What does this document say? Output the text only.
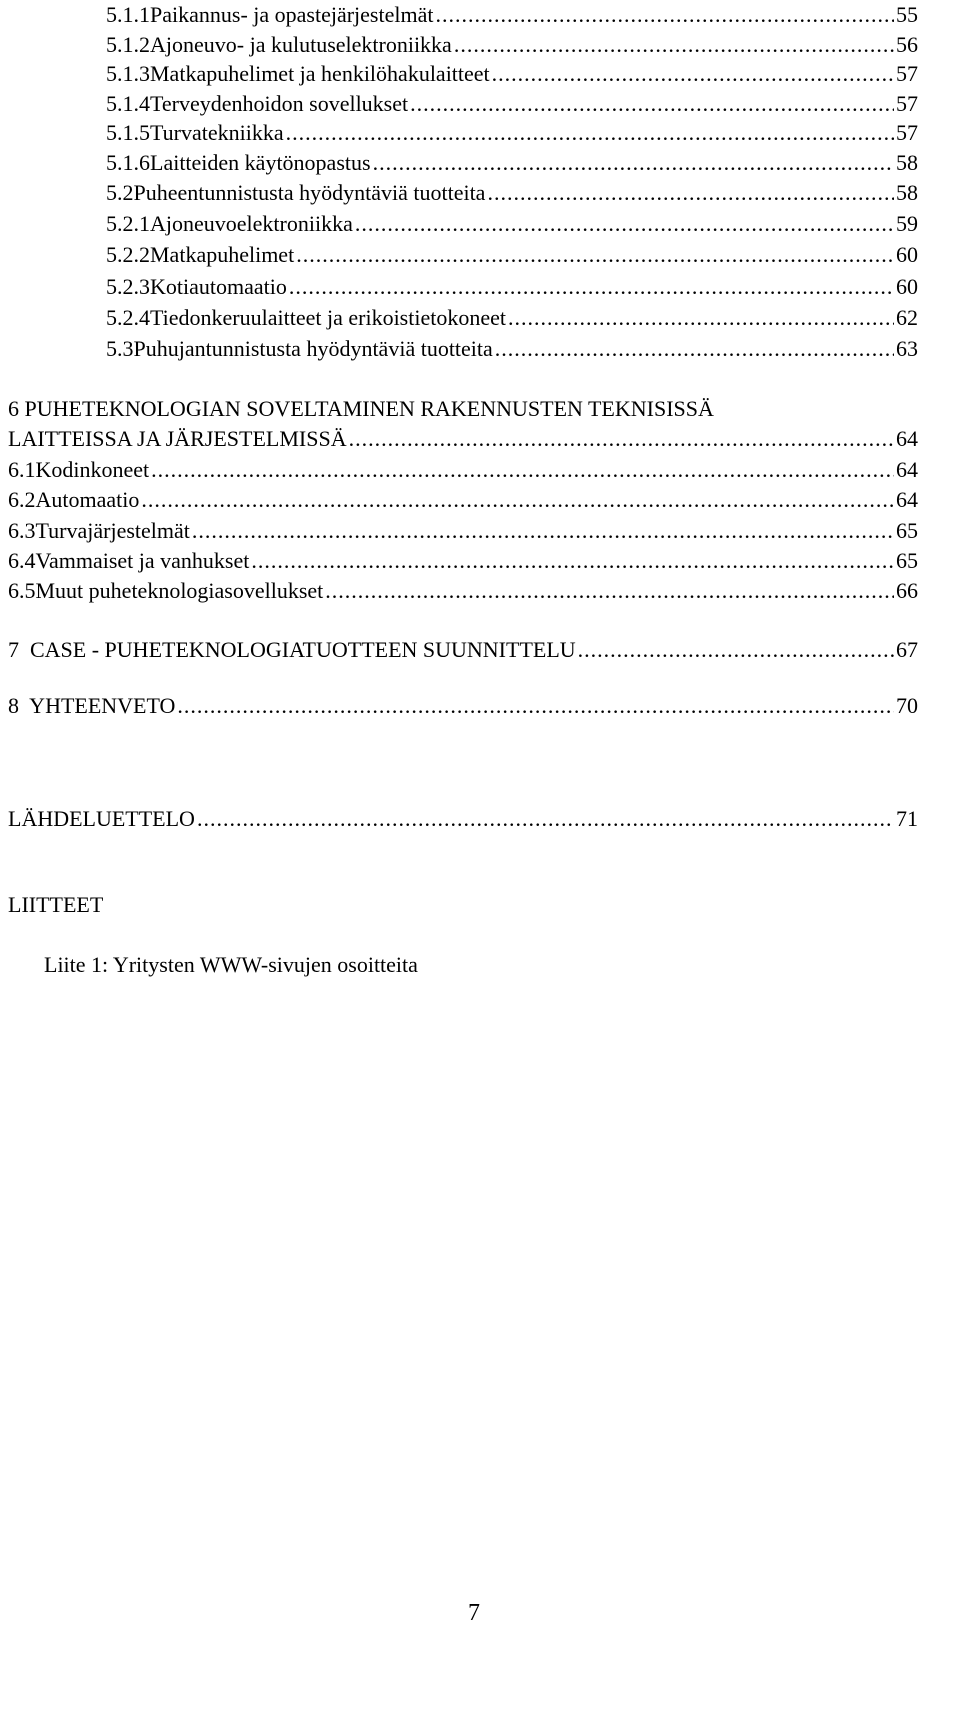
5.1.1 Paikannus- ja opastejärjestelmät .....	55
5.1.2 Ajoneuvo- ja kulutuselektroniikka .....	56
5.1.3 Matkapuhelimet ja henkilöhakulaitteet .....	57
5.1.4 Terveydenhoidon sovellukset .....	57
5.1.5 Turvatekniikka .....	57
5.1.6 Laitteiden käytönopastus .....	58
5.2 Puheentunnistusta hyödyntäviä tuotteita .....	58
5.2.1 Ajoneuvoelektroniikka .....	59
5.2.2 Matkapuhelimet .....	60
5.2.3 Kotiautomaatio .....	60
5.2.4 Tiedonkeruulaitteet ja erikoistietokoneet .....	62
5.3 Puhujantunnistusta hyödyntäviä tuotteita .....	63
6 PUHETEKNOLOGIAN SOVELTAMINEN RAKENNUSTEN TEKNISISSÄ
LAITTEISSA JA JÄRJESTELMISSÄ .....	64
6.1 Kodinkoneet .....	64
6.2 Automaatio .....	64
6.3 Turvajärjestelmät .....	65
6.4 Vammaiset ja vanhukset .....	65
6.5 Muut puheteknologiasovellukset .....	66
7  CASE - PUHETEKNOLOGIATUOTTEEN SUUNNITTELU .....	67
8  YHTEENVETO .....	70
LÄHDELUETTELO .....	71
LIITTEET
Liite 1: Yritysten WWW-sivujen osoitteita
7
